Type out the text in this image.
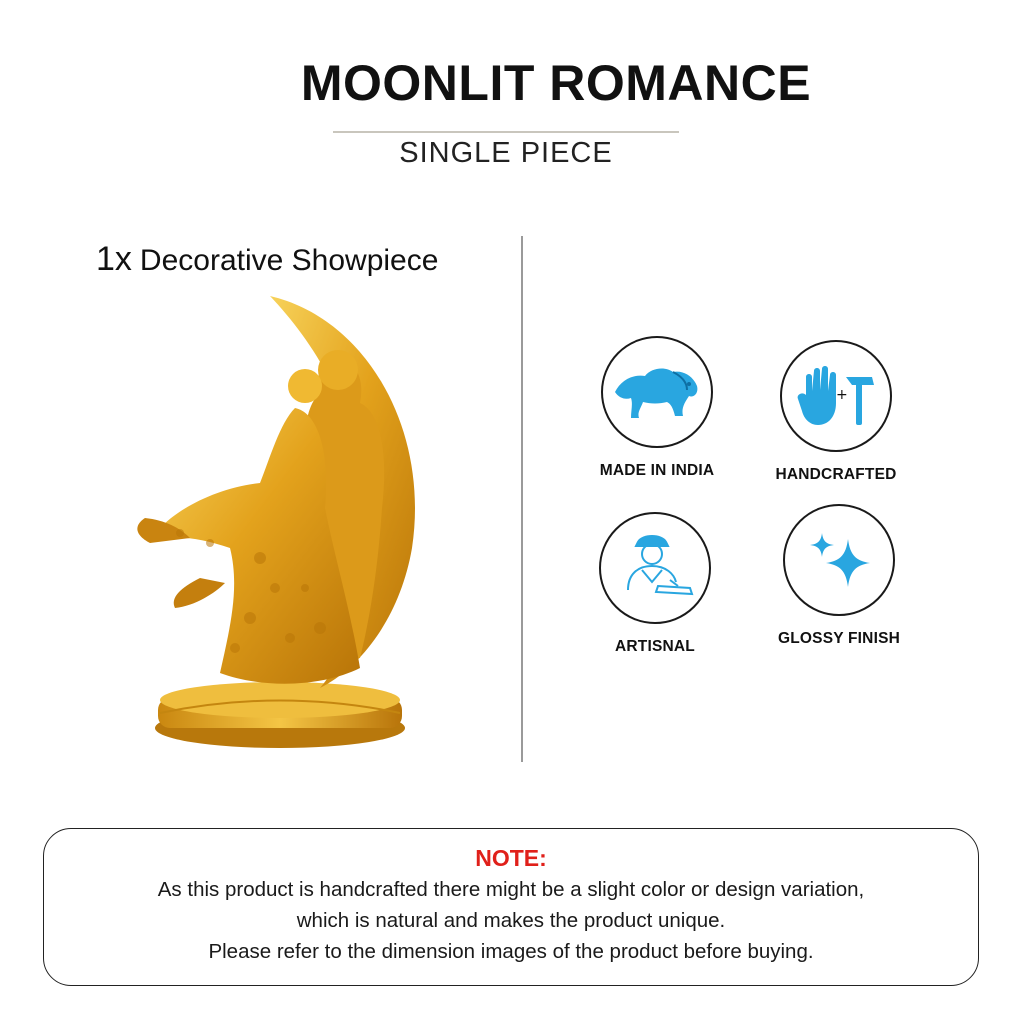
MOONLIT ROMANCE
SINGLE PIECE
1x Decorative Showpiece
MADE IN INDIA
+
HANDCRAFTED
ARTISNAL	GLOSSY FINISH
NOTE:
As this product is handcrafted there might be a slight color or design variation,
which is natural and makes the product unique.
Please refer to the dimension images of the product before buying.
